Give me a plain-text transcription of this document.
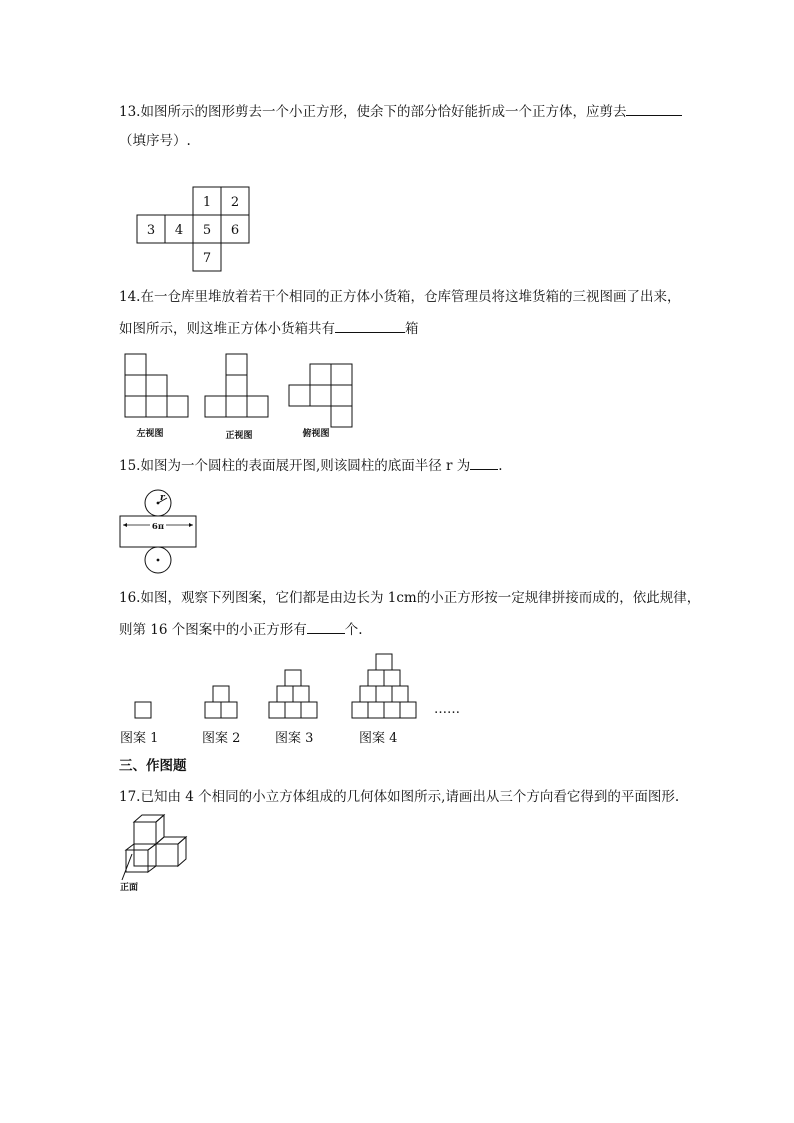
13.如图所示的图形剪去一个小正方形，使余下的部分恰好能折成一个正方体，应剪去
（填序号）.
1 2
3 4 5 6
7
14.在一仓库里堆放着若干个相同的正方体小货箱，仓库管理员将这堆货箱的三视图画了出来，
如图所示，则这堆正方体小货箱共有	箱
左视图	正视图	俯视图
15.如图为一个圆柱的表面展开图,则该圆柱的底面半径 r 为 .
r
6π
16.如图，观察下列图案，它们都是由边长为 1cm的小正方形按一定规律拼接而成的，依此规律，
则第 16 个图案中的小正方形有	个.
……
图案 1	图案 2	图案 3	图案 4
三、作图题
17.已知由 4 个相同的小立方体组成的几何体如图所示,请画出从三个方向看它得到的平面图形.
正面
